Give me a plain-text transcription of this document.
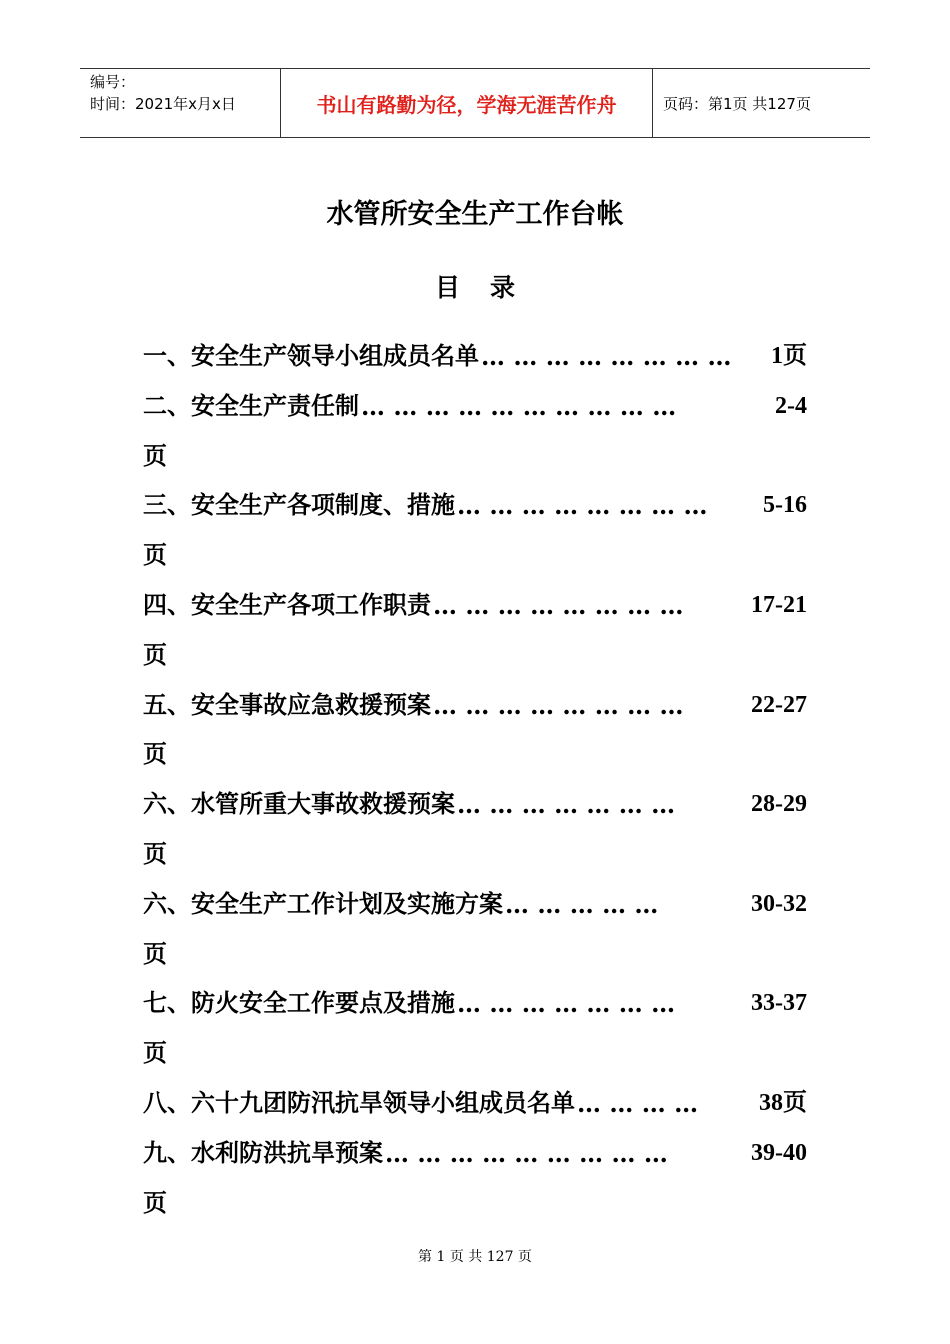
编号：
时间：2021年x月x日	书山有路勤为径，学海无涯苦作舟	页码：第1页 共127页
水管所安全生产工作台帐
目 录
一、安全生产领导小组成员名单 … … … … … … … …	1页
二、安全生产责任制 … … … … … … … … … …	2-4
页
三、安全生产各项制度、措施 … … … … … … … …	5-16
页
四、安全生产各项工作职责 … … … … … … … …	17-21
页
五、安全事故应急救援预案 … … … … … … … …	22-27
页
六、水管所重大事故救援预案 … … … … … … …	28-29
页
六、安全生产工作计划及实施方案 … … … … …	30-32
页
七、防火安全工作要点及措施 … … … … … … …	33-37
页
八、六十九团防汛抗旱领导小组成员名单 … … … …	38页
九、水利防洪抗旱预案 … … … … … … … … …	39-40
页
第 1 页 共 127 页
